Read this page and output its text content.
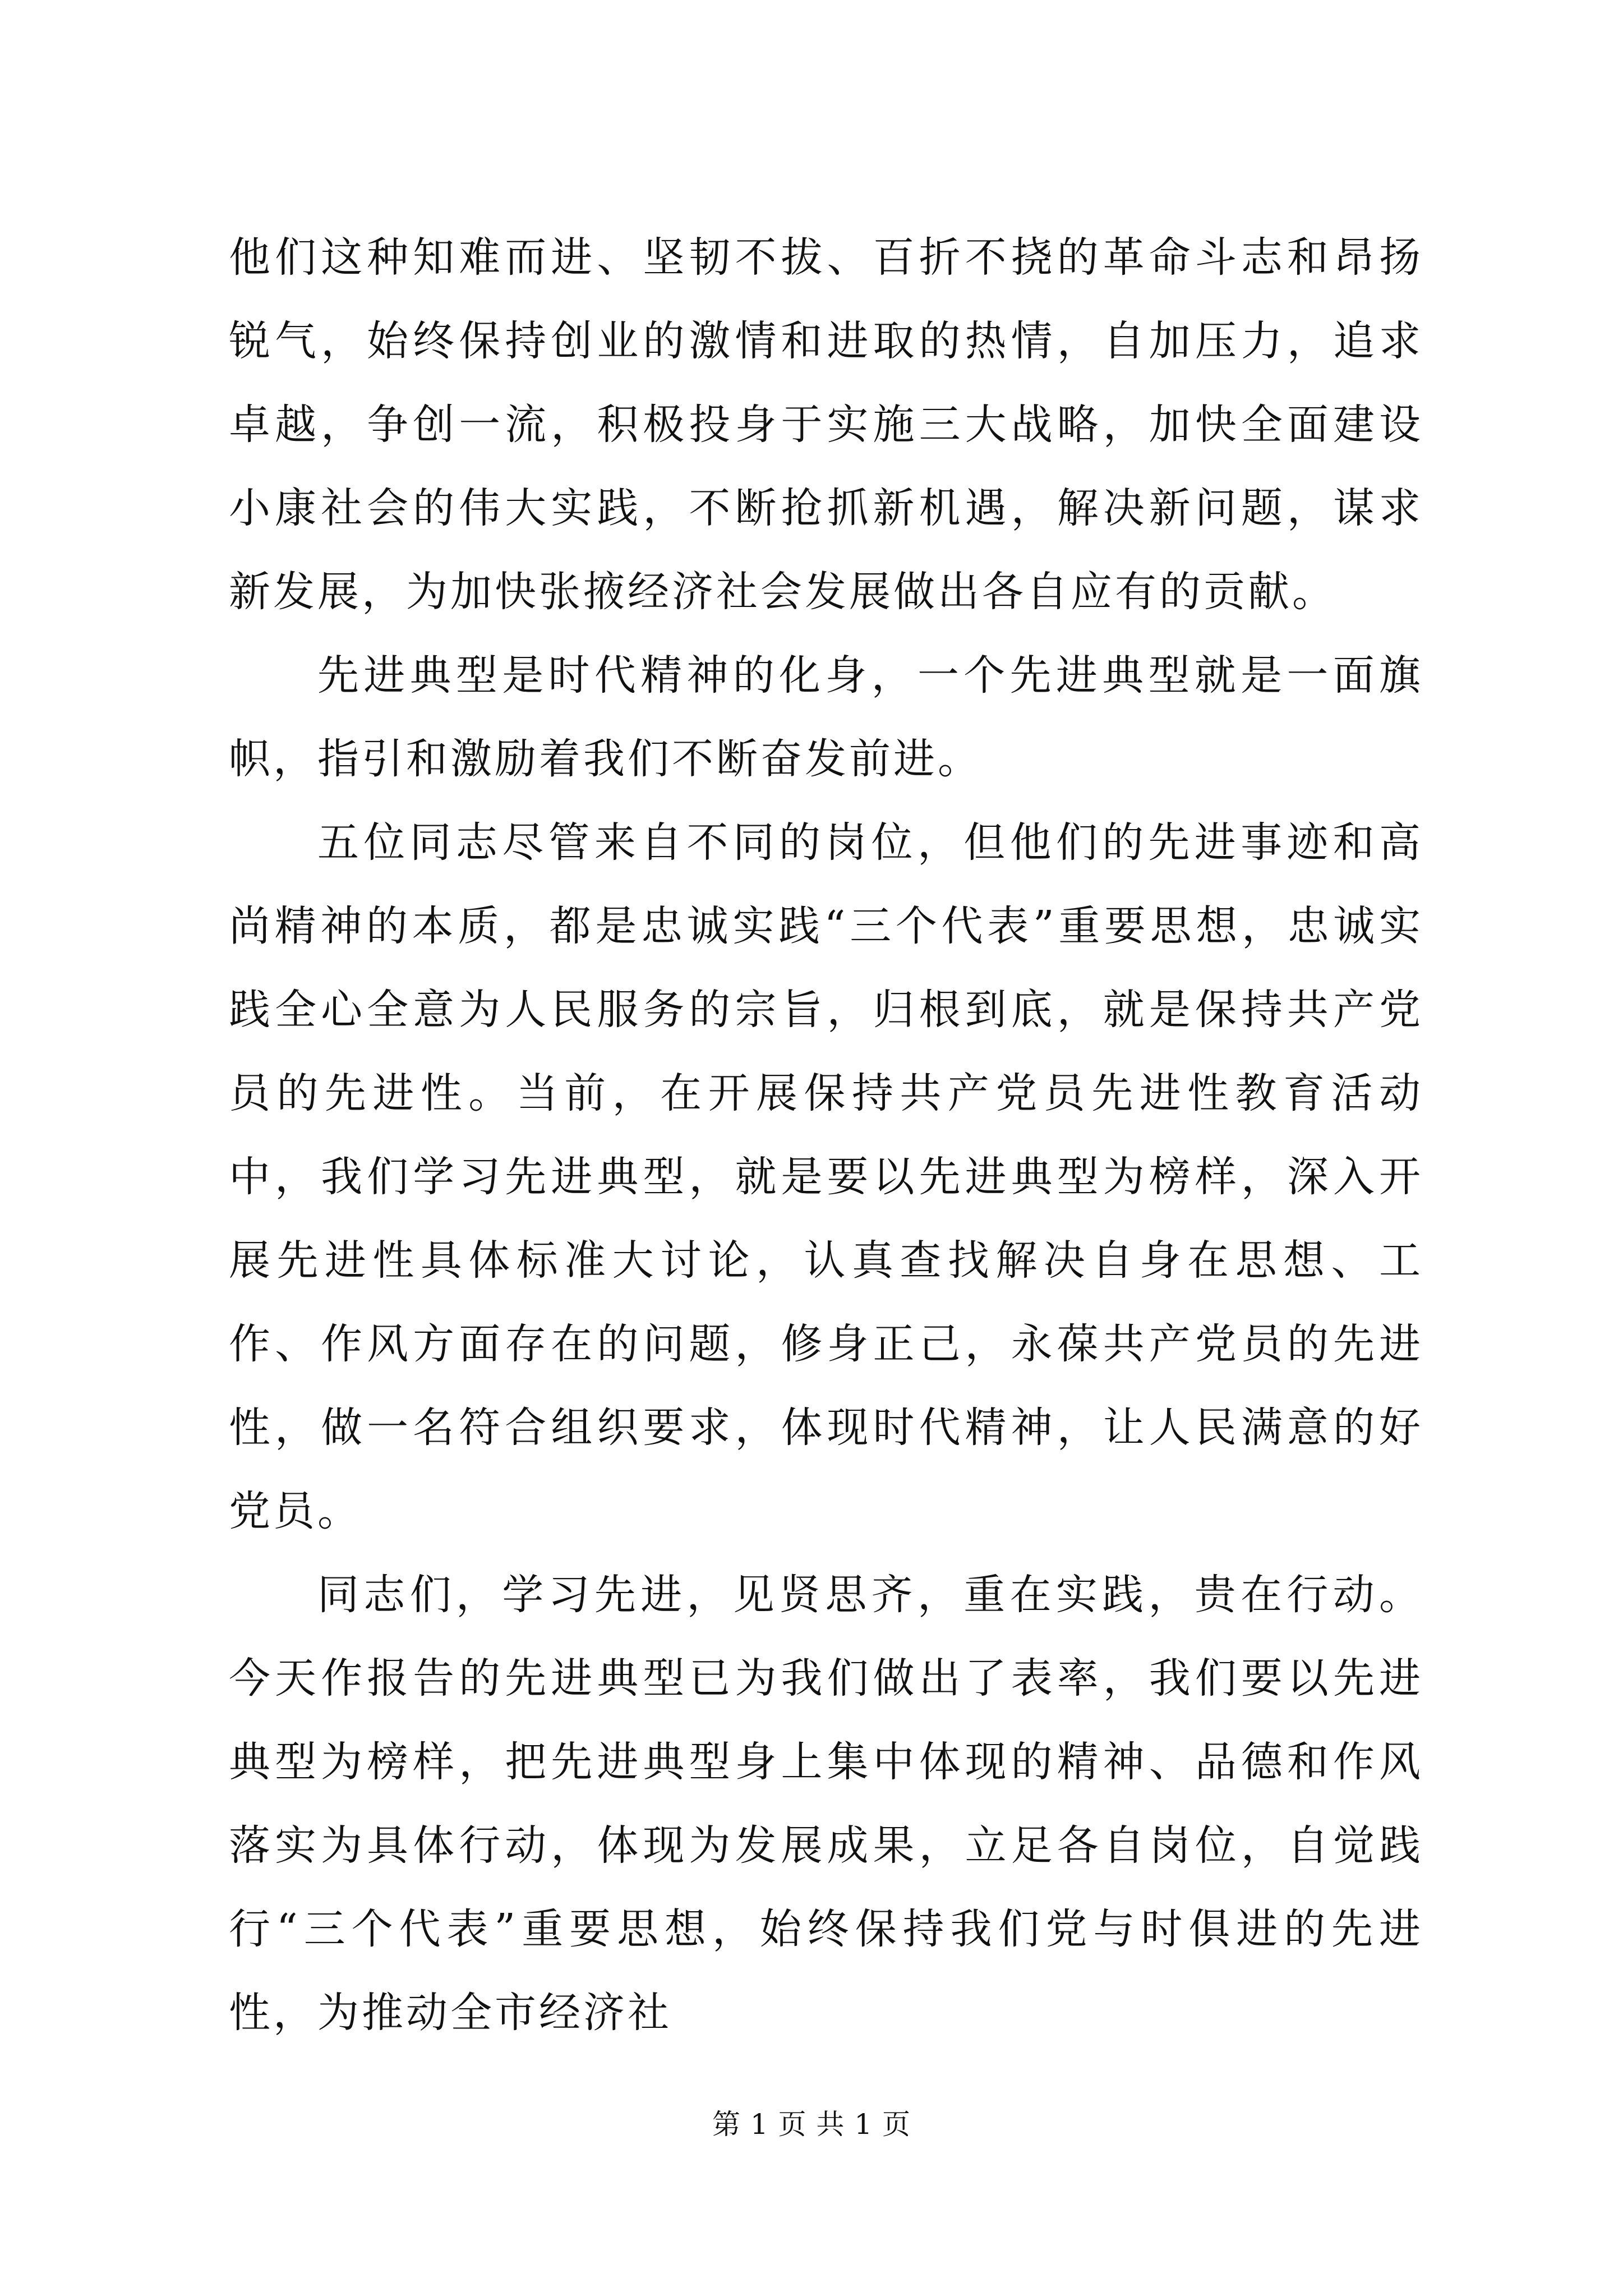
他们这种知难而进、坚韧不拔、百折不挠的革命斗志和昂扬锐气，始终保持创业的激情和进取的热情，自加压力，追求卓越，争创一流，积极投身于实施三大战略，加快全面建设小康社会的伟大实践，不断抢抓新机遇，解决新问题，谋求新发展，为加快张掖经济社会发展做出各自应有的贡献。

先进典型是时代精神的化身，一个先进典型就是一面旗帜，指引和激励着我们不断奋发前进。

五位同志尽管来自不同的岗位，但他们的先进事迹和高尚精神的本质，都是忠诚实践“三个代表”重要思想，忠诚实践全心全意为人民服务的宗旨，归根到底，就是保持共产党员的先进性。当前，在开展保持共产党员先进性教育活动中，我们学习先进典型，就是要以先进典型为榜样，深入开展先进性具体标准大讨论，认真查找解决自身在思想、工作、作风方面存在的问题，修身正己，永葆共产党员的先进性，做一名符合组织要求，体现时代精神，让人民满意的好党员。

同志们，学习先进，见贤思齐，重在实践，贵在行动。今天作报告的先进典型已为我们做出了表率，我们要以先进典型为榜样，把先进典型身上集中体现的精神、品德和作风落实为具体行动，体现为发展成果，立足各自岗位，自觉践行“三个代表”重要思想，始终保持我们党与时俱进的先进性，为推动全市经济社

第 1 页 共 1 页
